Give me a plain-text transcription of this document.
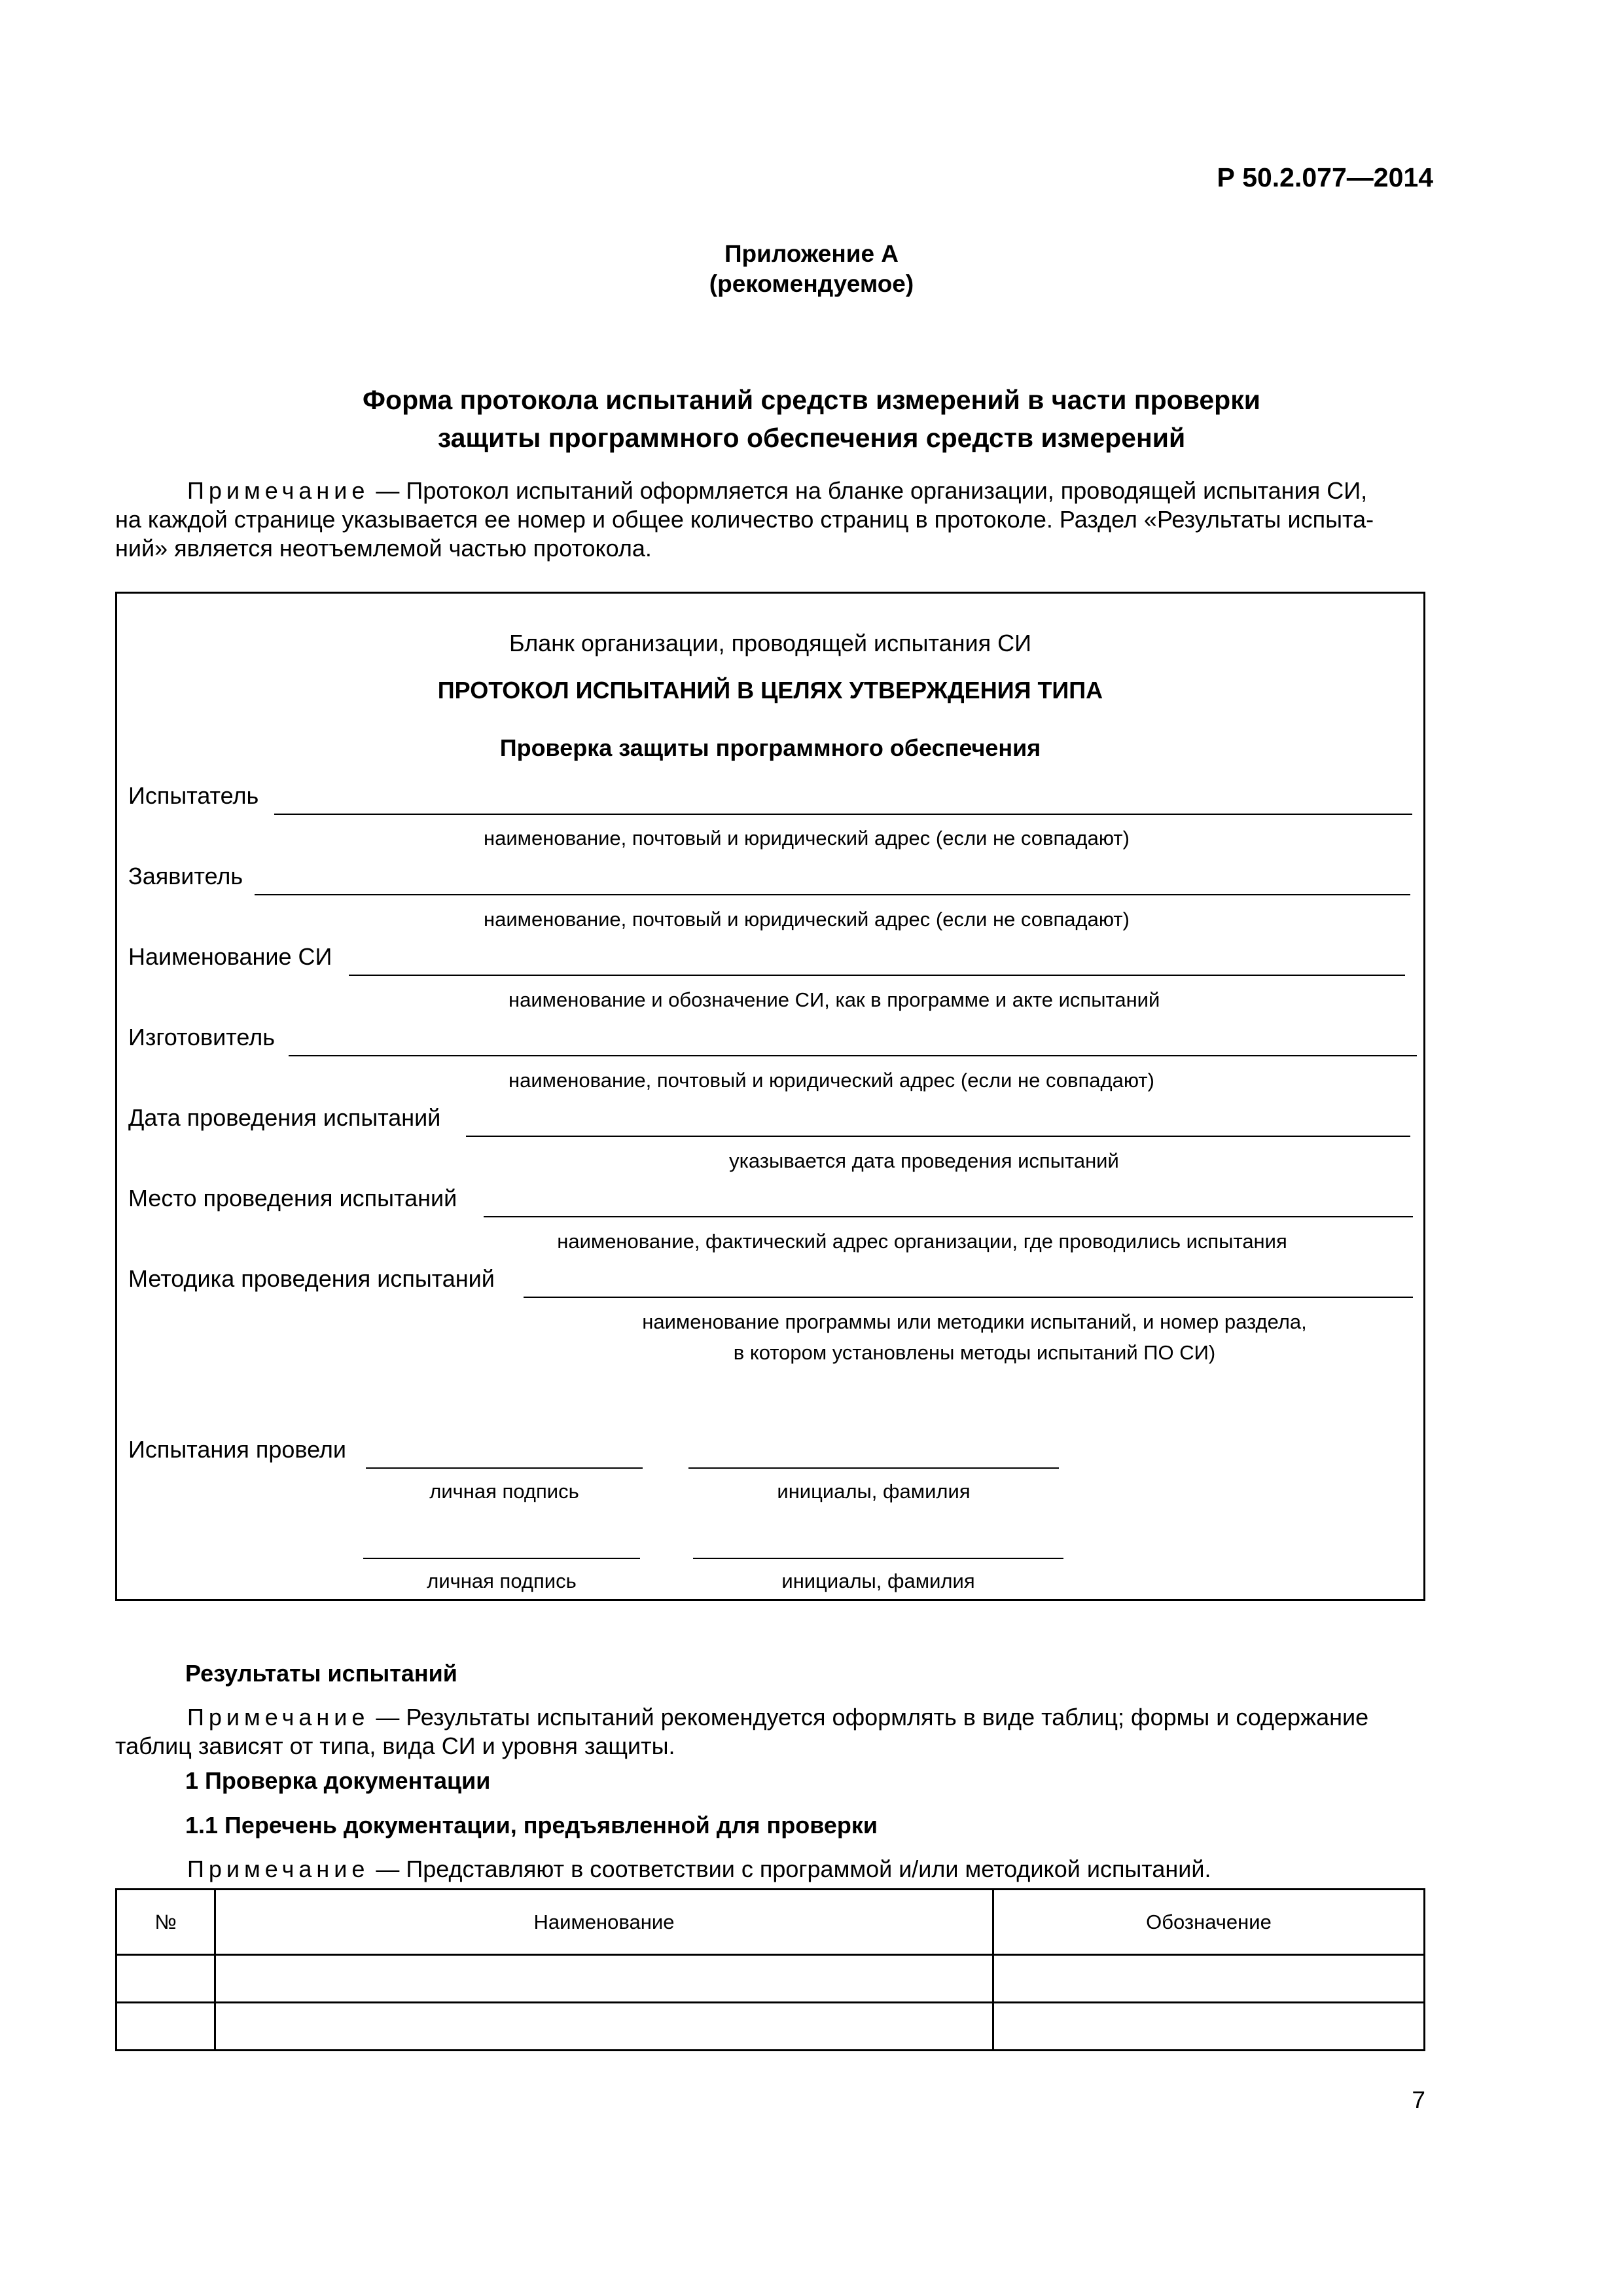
Р 50.2.077—2014
Приложение А
(рекомендуемое)
Форма протокола испытаний средств измерений в части проверки
защиты программного обеспечения средств измерений

Примечание — Протокол испытаний оформляется на бланке организации, проводящей испытания СИ,

на каждой странице указывается ее номер и общее количество страниц в протоколе. Раздел «Результаты испыта-

ний» является неотъемлемой частью протокола.

Бланк организации, проводящей испытания СИ
ПРОТОКОЛ ИСПЫТАНИЙ В ЦЕЛЯХ УТВЕРЖДЕНИЯ ТИПА
Проверка защиты программного обеспечения
Испытатель
наименование, почтовый и юридический адрес (если не совпадают)
Заявитель
наименование, почтовый и юридический адрес (если не совпадают)
Наименование СИ
наименование и обозначение СИ, как в программе и акте испытаний
Изготовитель
наименование, почтовый и юридический адрес (если не совпадают)
Дата проведения испытаний
указывается дата проведения испытаний
Место проведения испытаний
наименование, фактический адрес организации, где проводились испытания
Методика проведения испытаний
наименование программы или методики испытаний, и номер раздела,
в котором установлены методы испытаний ПО СИ)
Испытания провели
личная подпись	инициалы, фамилия
личная подпись	инициалы, фамилия
Результаты испытаний

Примечание — Результаты испытаний рекомендуется оформлять в виде таблиц; формы и содержание

таблиц зависят от типа, вида СИ и уровня защиты.

1 Проверка документации
1.1 Перечень документации, предъявленной для проверки

Примечание — Представляют в соответствии с программой и/или методикой испытаний.

№	Наименование	Обозначение

7
